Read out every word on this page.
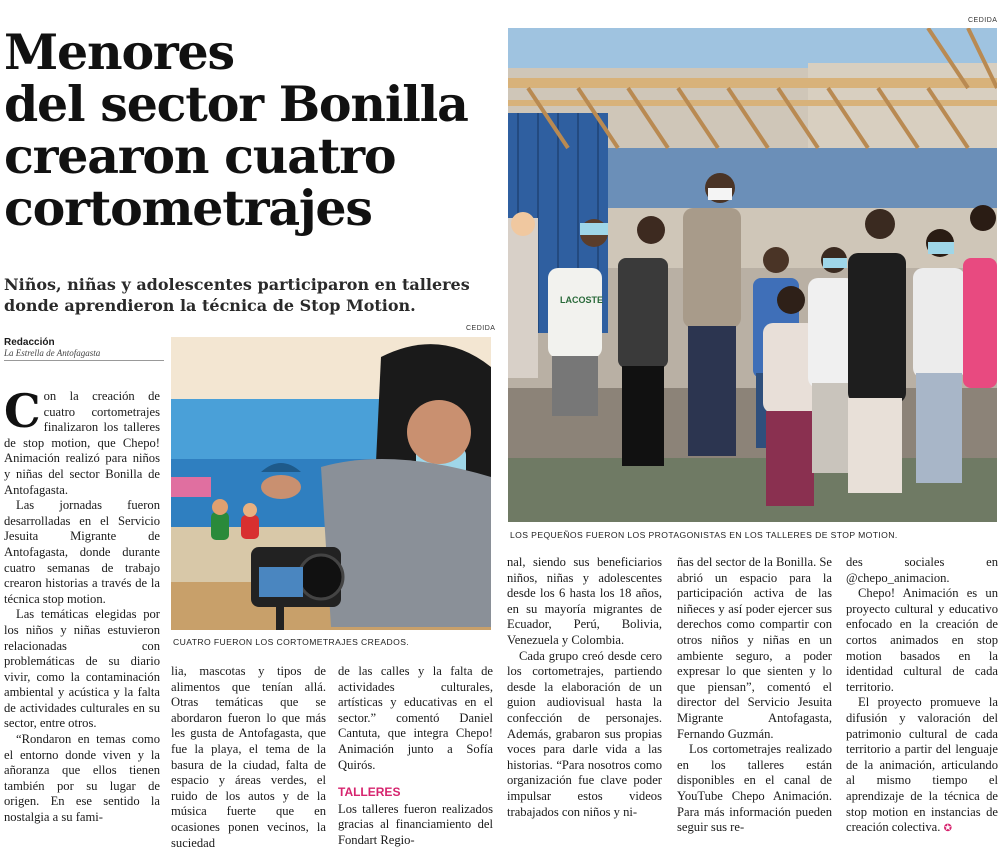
CEDIDA
Menores
del sector Bonilla
crearon cuatro
cortometrajes
Niños, niñas y adolescentes participaron en talleres
donde aprendieron la técnica de Stop Motion.
Redacción
La Estrella de Antofagasta
LACOSTE
LOS PEQUEÑOS FUERON LOS PROTAGONISTAS EN LOS TALLERES DE STOP MOTION.
CEDIDA
CUATRO FUERON LOS CORTOMETRAJES CREADOS.

Con la creación de cuatro cortometrajes finalizaron los talleres de stop motion, que Chepo! Animación realizó para niños y niñas del sector Bonilla de Antofagasta.

Las jornadas fueron desarrolladas en el Servicio Jesuita Migrante de Antofagasta, donde durante cuatro semanas de trabajo crearon historias a través de la técnica stop motion.

Las temáticas elegidas por los niños y niñas estuvieron relacionadas con problemáticas de su diario vivir, como la contaminación ambiental y acústica y la falta de actividades culturales en su sector, entre otros.

“Rondaron en temas como el entorno donde viven y la añoranza que ellos tienen también por su lugar de origen. En ese sentido la nostalgia a su fami-

lia, mascotas y tipos de alimentos que tenían allá. Otras temáticas que se abordaron fueron lo que más les gusta de Antofagasta, que fue la playa, el tema de la basura de la ciudad, falta de espacio y áreas verdes, el ruido de los autos y de la música fuerte que en ocasiones ponen vecinos, la suciedad

de las calles y la falta de actividades culturales, artísticas y educativas en el sector.” comentó Daniel Cantuta, que integra Chepo! Animación junto a Sofía Quirós.

TALLERES

Los talleres fueron realizados gracias al financiamiento del Fondart Regio-

nal, siendo sus beneficiarios niños, niñas y adolescentes desde los 6 hasta los 18 años, en su mayoría migrantes de Ecuador, Perú, Bolivia, Venezuela y Colombia.

Cada grupo creó desde cero los cortometrajes, partiendo desde la elaboración de un guion audiovisual hasta la confección de personajes. Además, grabaron sus propias voces para darle vida a las historias. “Para nosotros como organización fue clave poder impulsar estos videos trabajados con niños y ni-

ñas del sector de la Bonilla. Se abrió un espacio para la participación activa de las niñeces y así poder ejercer sus derechos como compartir con otros niños y niñas en un ambiente seguro, a poder expresar lo que sienten y lo que piensan”, comentó el director del Servicio Jesuita Migrante Antofagasta, Fernando Guzmán.

Los cortometrajes realizado en los talleres están disponibles en el canal de YouTube Chepo Animación. Para más información pueden seguir sus re-

des sociales en @chepo_animacion.

Chepo! Animación es un proyecto cultural y educativo enfocado en la creación de cortos animados en stop motion basados en la identidad cultural de cada territorio.

El proyecto promueve la difusión y valoración del patrimonio cultural de cada territorio a partir del lenguaje de la animación, articulando al mismo tiempo el aprendizaje de la técnica de stop motion en instancias de creación colectiva. ✪
